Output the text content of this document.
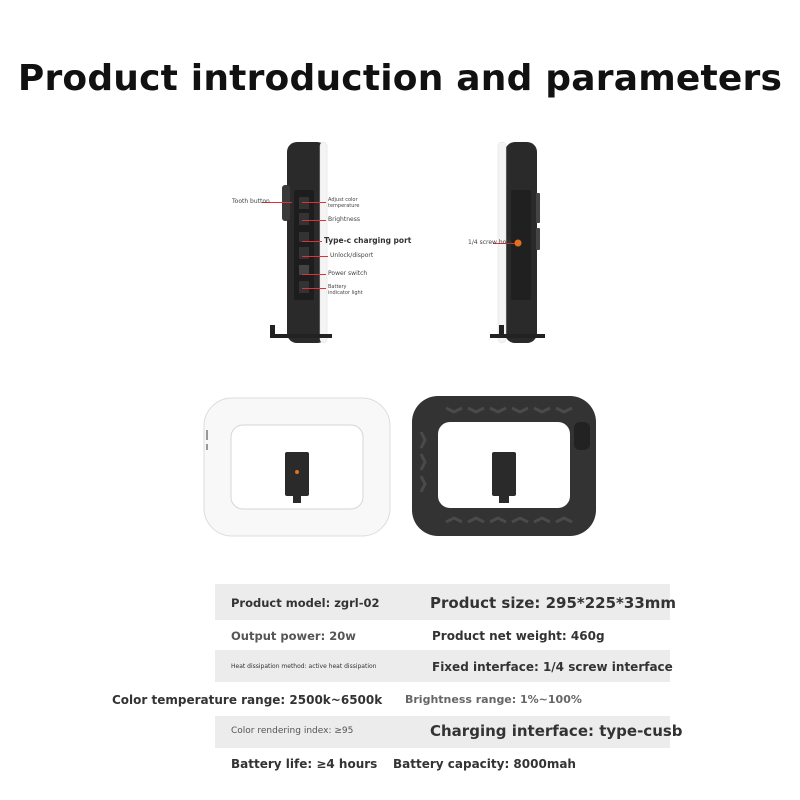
Product introduction and parameters
Tooth button	Adjust color temperature
Brightness
Type-c charging port
Unlock/disport
Power switch
Battery indicator light
1/4 screw hole
Product model: zgrl-02	Product size: 295*225*33mm
Output power: 20w	Product net weight: 460g
Heat dissipation method: active heat dissipation	Fixed interface: 1/4 screw interface
Color temperature range: 2500k~6500k Brightness range: 1%~100%
Color rendering index: ≥95	Charging interface: type-cusb
Battery life: ≥4 hours Battery capacity: 8000mah
